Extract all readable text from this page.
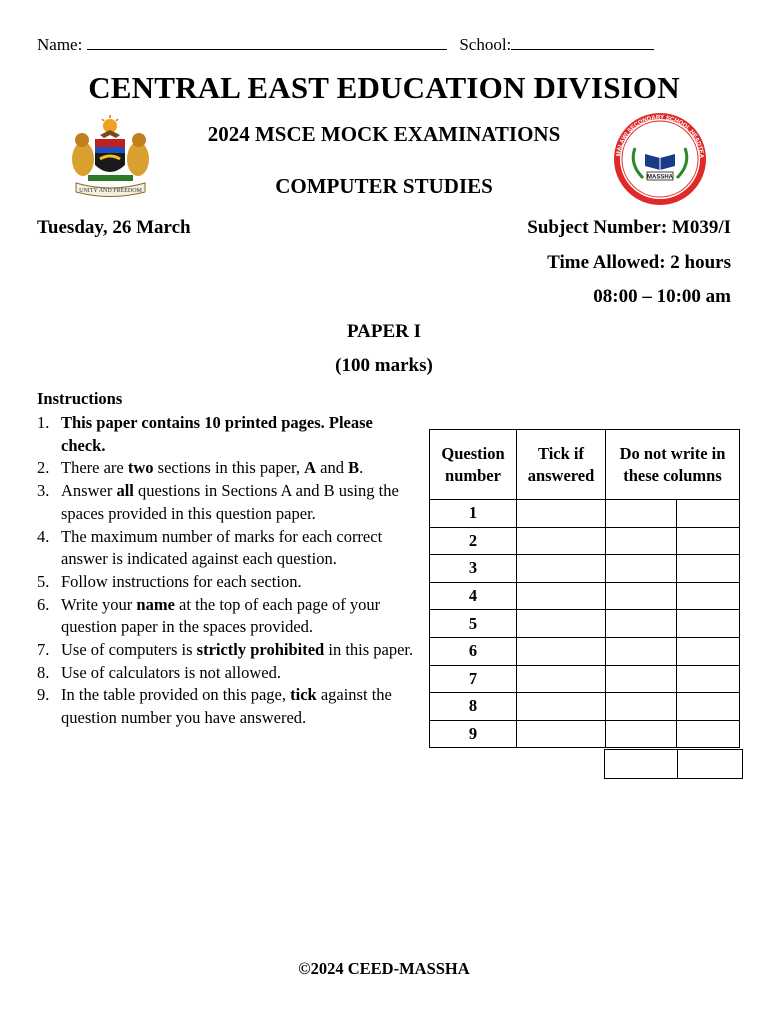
Name:	School:
CENTRAL EAST EDUCATION DIVISION
UNITY AND FREEDOM
MALAWI SECONDARY SCHOOL HEADTEA
MASSHA
2024 MSCE MOCK EXAMINATIONS
COMPUTER STUDIES
Tuesday, 26 March	Subject Number: M039/I
Time Allowed: 2 hours
08:00 – 10:00 am
PAPER I
(100 marks)
Instructions
1. This paper contains 10 printed pages. Please check.
2. There are two sections in this paper, A and B.
3. Answer all questions in Sections A and B using the spaces provided in this question paper.
4. The maximum number of marks for each correct answer is indicated against each question.
5. Follow instructions for each section.
6. Write your name at the top of each page of your question paper in the spaces provided.
7. Use of computers is strictly prohibited in this paper.
8. Use of calculators is not allowed.
9. In the table provided on this page, tick against the question number you have answered.
Question number	Tick if answered	Do not write in these columns	
1			
2			
3			
4			
5			
6			
7			
8			
9			

©2024 CEED-MASSHA
